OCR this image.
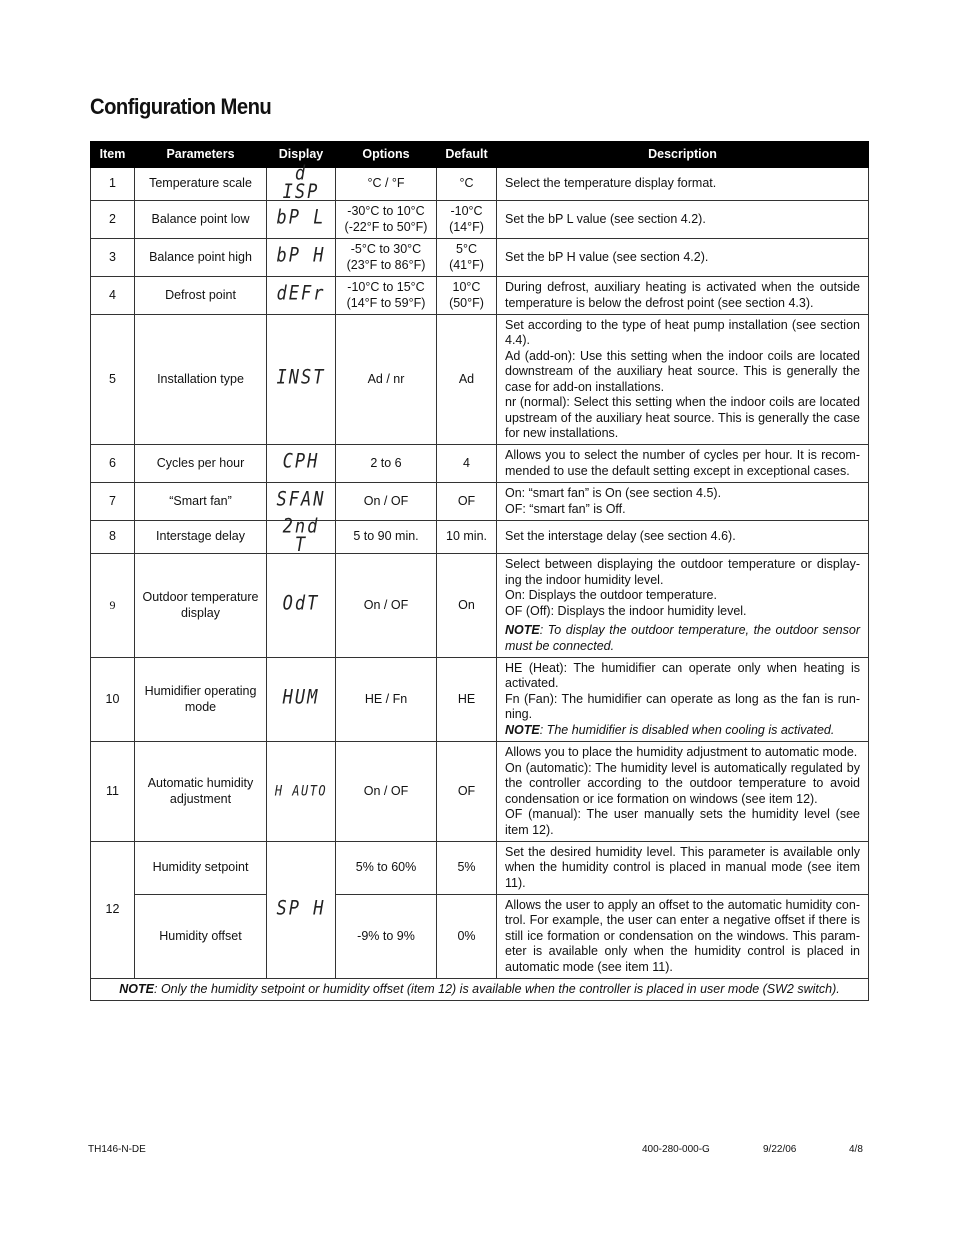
Configuration Menu
Item	Parameters	Display	Options	Default	Description
1	Temperature scale	d ISP	°C / °F	°C	Select the temperature display format.

2	Balance point low	bP L	-30°C to 10°C (-22°F to 50°F)	-10°C (14°F)	Set the bP L value (see section 4.2).

3	Balance point high	bP H	-5°C to 30°C (23°F to 86°F)	5°C (41°F)	Set the bP H value (see section 4.2).

4	Defrost point	dEFr	-10°C to 15°C (14°F to 59°F)	10°C (50°F)	During defrost, auxiliary heating is activated when the outside temperature is below the defrost point (see section 4.3).

5	Installation type	INST	Ad / nr	Ad	Set according to the type of heat pump installation (see section 4.4).
Ad (add-on): Use this setting when the indoor coils are located downstream of the auxiliary heat source. This is generally the case for add-on installations.
nr (normal): Select this setting when the indoor coils are located upstream of the auxiliary heat source. This is generally the case for new installations.

6	Cycles per hour	CPH	2 to 6	4	Allows you to select the number of cycles per hour. It is recom-mended to use the default setting except in exceptional cases.

7	“Smart fan”	SFAN	On / OF	OF	On: “smart fan” is On (see section 4.5).
OF: “smart fan” is Off.

8	Interstage delay	2nd T	5 to 90 min.	10 min.	Set the interstage delay (see section 4.6).

9	Outdoor temperature display	OdT	On / OF	On	Select between displaying the outdoor temperature or display-ing the indoor humidity level.
On: Displays the outdoor temperature.
OF (Off): Displays the indoor humidity level.
NOTE: To display the outdoor temperature, the outdoor sensor must be connected.

10	Humidifier operating mode	HUM	HE / Fn	HE	HE (Heat): The humidifier can operate only when heating is activated.
Fn (Fan): The humidifier can operate as long as the fan is run-ning.
NOTE: The humidifier is disabled when cooling is activated.

11	Automatic humidity adjustment	H AUTO	On / OF	OF	Allows you to place the humidity adjustment to automatic mode.
On (automatic): The humidity level is automatically regulated by the controller according to the outdoor temperature to avoid condensation or ice formation on windows (see item 12).
OF (manual): The user manually sets the humidity level (see item 12).

12	Humidity setpoint	SP H	5% to 60%	5%	Set the desired humidity level. This parameter is available only when the humidity control is placed in manual mode (see item 11).

	Humidity offset		-9% to 9%	0%	Allows the user to apply an offset to the automatic humidity con-trol. For example, the user can enter a negative offset if there is still ice formation or condensation on the windows. This param-eter is available only when the humidity control is placed in automatic mode (see item 11).

NOTE: Only the humidity setpoint or humidity offset (item 12) is available when the controller is placed in user mode (SW2 switch).					
TH146-N-DE	400-280-000-G	9/22/06	4/8
